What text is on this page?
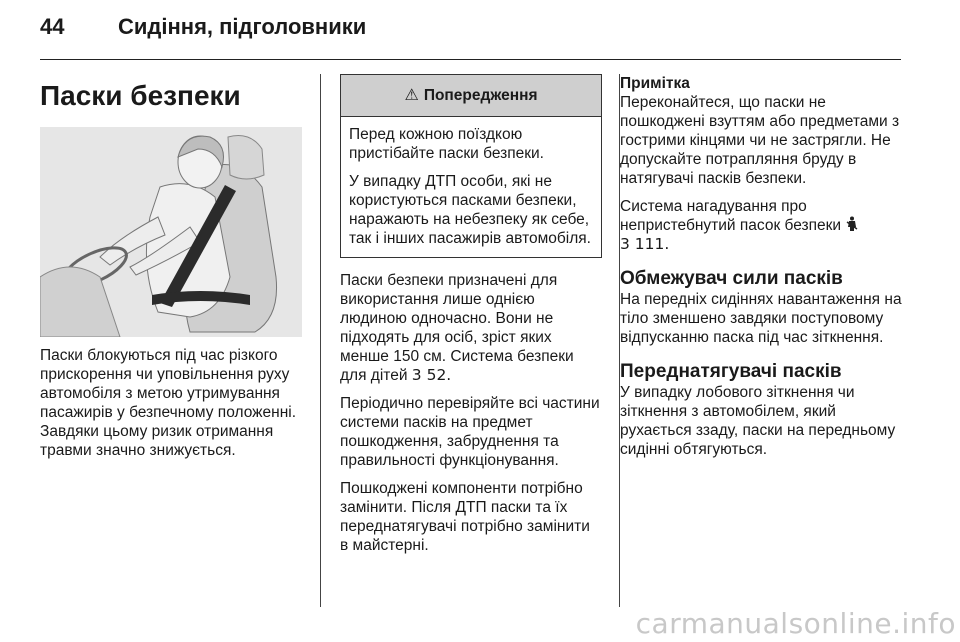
44 Сидіння, підголовники
Паски безпеки
Паски блокуються під час різкого прискорення чи уповільнення руху автомобіля з метою утримування пасажирів у безпечному положенні. Завдяки цьому ризик отримання травми значно знижується.
⚠ Попередження

Перед кожною поїздкою пристібайте паски безпеки.

У випадку ДТП особи, які не користуються пасками безпеки, наражають на небезпеку як себе, так і інших пасажирів автомобіля.

Паски безпеки призначені для використання лише однією людиною одночасно. Вони не підходять для осіб, зріст яких менше 150 см. Система безпеки для дітей 3 52.

Періодично перевіряйте всі частини системи пасків на предмет пошкодження, забруднення та правильності функціонування.

Пошкоджені компоненти потрібно замінити. Після ДТП паски та їх переднатягувачі потрібно замінити в майстерні.

Примітка

Переконайтеся, що паски не пошкоджені взуттям або предметами з гострими кінцями чи не застрягли. Не допускайте потрапляння бруду в натягувачі пасків безпеки.

Система нагадування про непристебнутий пасок безпеки
3 111.

Обмежувач сили пасків

На передніх сидіннях навантаження на тіло зменшено завдяки поступовому відпусканню паска під час зіткнення.

Переднатягувачі пасків

У випадку лобового зіткнення чи зіткнення з автомобілем, який рухається ззаду, паски на передньому сидінні обтягуються.

carmanualsonline.info
